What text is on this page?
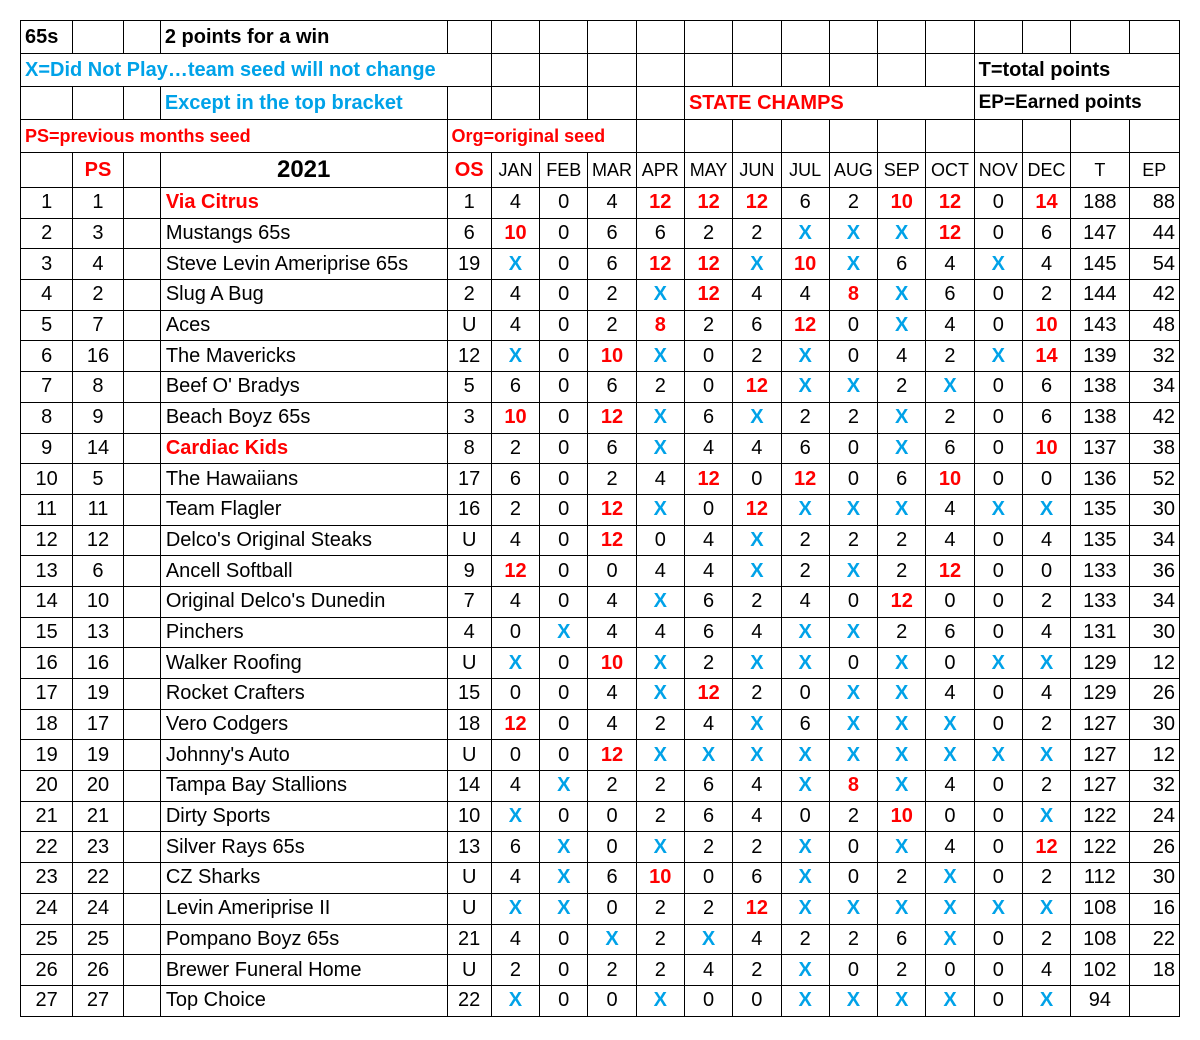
65s			2 points for a win															
X=Did Not Play…team seed will not change															T=total points			
			Except in the top bracket						STATE CHAMPS						EP=Earned points			
PS=previous months seed				Org=original seed														
	PS		2021	OS	JAN	FEB	MAR	APR	MAY	JUN	JUL	AUG	SEP	OCT	NOV	DEC	T	EP
1	1		Via Citrus	1	4	0	4	12	12	12	6	2	10	12	0	14	188	88
2	3		Mustangs 65s	6	10	0	6	6	2	2	X	X	X	12	0	6	147	44
3	4		Steve Levin Ameriprise 65s	19	X	0	6	12	12	X	10	X	6	4	X	4	145	54
4	2		Slug A Bug	2	4	0	2	X	12	4	4	8	X	6	0	2	144	42
5	7		Aces	U	4	0	2	8	2	6	12	0	X	4	0	10	143	48
6	16		The Mavericks	12	X	0	10	X	0	2	X	0	4	2	X	14	139	32
7	8		Beef O' Bradys	5	6	0	6	2	0	12	X	X	2	X	0	6	138	34
8	9		Beach Boyz 65s	3	10	0	12	X	6	X	2	2	X	2	0	6	138	42
9	14		Cardiac Kids	8	2	0	6	X	4	4	6	0	X	6	0	10	137	38
10	5		The Hawaiians	17	6	0	2	4	12	0	12	0	6	10	0	0	136	52
11	11		Team Flagler	16	2	0	12	X	0	12	X	X	X	4	X	X	135	30
12	12		Delco's Original Steaks	U	4	0	12	0	4	X	2	2	2	4	0	4	135	34
13	6		Ancell Softball	9	12	0	0	4	4	X	2	X	2	12	0	0	133	36
14	10		Original Delco's Dunedin	7	4	0	4	X	6	2	4	0	12	0	0	2	133	34
15	13		Pinchers	4	0	X	4	4	6	4	X	X	2	6	0	4	131	30
16	16		Walker Roofing	U	X	0	10	X	2	X	X	0	X	0	X	X	129	12
17	19		Rocket Crafters	15	0	0	4	X	12	2	0	X	X	4	0	4	129	26
18	17		Vero Codgers	18	12	0	4	2	4	X	6	X	X	X	0	2	127	30
19	19		Johnny's Auto	U	0	0	12	X	X	X	X	X	X	X	X	X	127	12
20	20		Tampa Bay Stallions	14	4	X	2	2	6	4	X	8	X	4	0	2	127	32
21	21		Dirty Sports	10	X	0	0	2	6	4	0	2	10	0	0	X	122	24
22	23		Silver Rays 65s	13	6	X	0	X	2	2	X	0	X	4	0	12	122	26
23	22		CZ Sharks	U	4	X	6	10	0	6	X	0	2	X	0	2	112	30
24	24		Levin Ameriprise II	U	X	X	0	2	2	12	X	X	X	X	X	X	108	16
25	25		Pompano Boyz 65s	21	4	0	X	2	X	4	2	2	6	X	0	2	108	22
26	26		Brewer Funeral Home	U	2	0	2	2	4	2	X	0	2	0	0	4	102	18
27	27		Top Choice	22	X	0	0	X	0	0	X	X	X	X	0	X	94	
